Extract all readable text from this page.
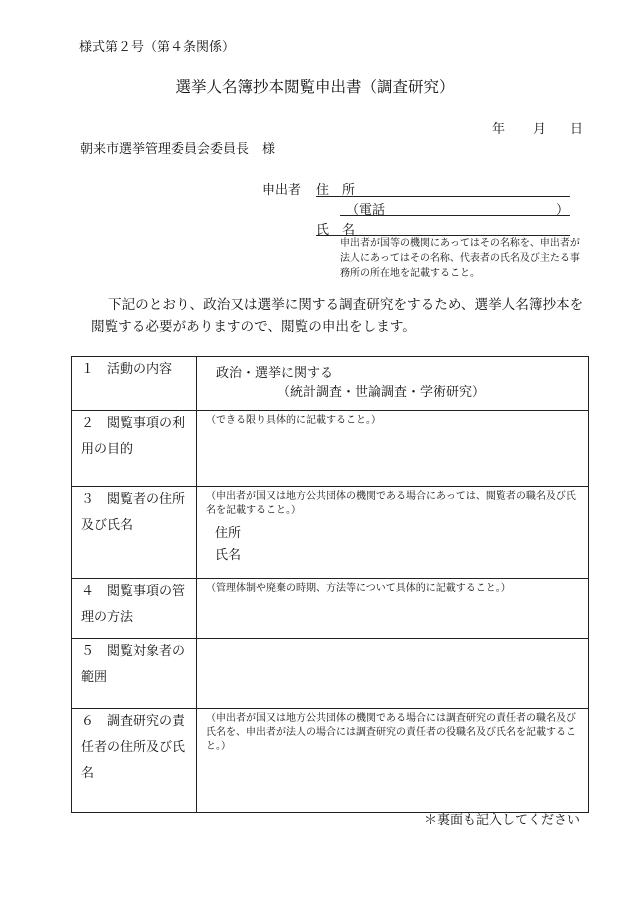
様式第２号（第４条関係）
選挙人名簿抄本閲覧申出書（調査研究）
年 月 日
朝来市選挙管理委員会委員長　様
申出者 住　所
（電話	）
氏　名
申出者が国等の機関にあってはその名称を、申出者が法人にあってはその名称、代表者の氏名及び主たる事務所の所在地を記載すること。
下記のとおり、政治又は選挙に関する調査研究をするため、選挙人名簿抄本を閲覧する必要がありますので、閲覧の申出をします。
１　活動の内容	政治・選挙に関する
（統計調査・世論調査・学術研究）

２　閲覧事項の利用の目的	（できる限り具体的に記載すること。）

３　閲覧者の住所及び氏名	（申出者が国又は地方公共団体の機関である場合にあっては、閲覧者の職名及び氏名を記載すること。）
住所
氏名

４　閲覧事項の管理の方法	（管理体制や廃棄の時期、方法等について具体的に記載すること。）

５　閲覧対象者の範囲	

６　調査研究の責任者の住所及び氏名	（申出者が国又は地方公共団体の機関である場合には調査研究の責任者の職名及び氏名を、申出者が法人の場合には調査研究の責任者の役職名及び氏名を記載すること。）
＊裏面も記入してください
